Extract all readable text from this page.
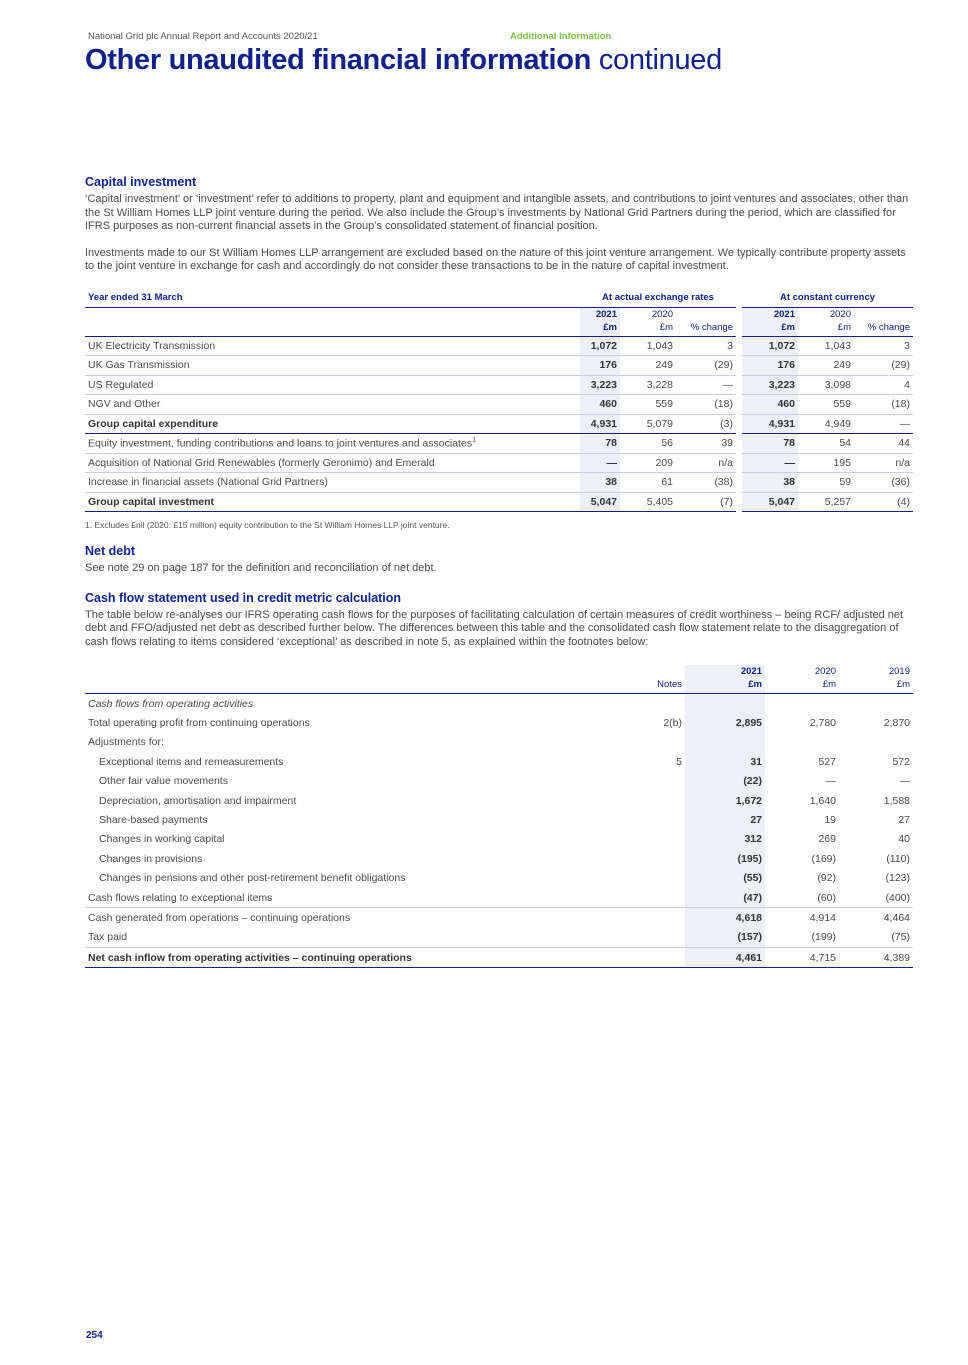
National Grid plc Annual Report and Accounts 2020/21	Additional Information
Other unaudited financial information continued
Capital investment

‘Capital investment’ or ‘investment’ refer to additions to property, plant and equipment and intangible assets, and contributions to joint ventures and associates, other than the St William Homes LLP joint venture during the period. We also include the Group’s investments by National Grid Partners during the period, which are classified for IFRS purposes as non-current financial assets in the Group’s consolidated statement of financial position.

Investments made to our St William Homes LLP arrangement are excluded based on the nature of this joint venture arrangement. We typically contribute property assets to the joint venture in exchange for cash and accordingly do not consider these transactions to be in the nature of capital investment.

Year ended 31 March	At actual exchange rates				At constant currency		
	2021	2020			2021	2020	
	£m	£m	% change		£m	£m	% change
UK Electricity Transmission	1,072	1,043	3		1,072	1,043	3
UK Gas Transmission	176	249	(29)		176	249	(29)
US Regulated	3,223	3,228	—		3,223	3,098	4
NGV and Other	460	559	(18)		460	559	(18)
Group capital expenditure	4,931	5,079	(3)		4,931	4,949	—
Equity investment, funding contributions and loans to joint ventures and associates$^1$	78	56	39		78	54	44
Acquisition of National Grid Renewables (formerly Geronimo) and Emerald	—	209	n/a		—	195	n/a
Increase in financial assets (National Grid Partners)	38	61	(38)		38	59	(36)
Group capital investment	5,047	5,405	(7)		5,047	5,257	(4)
1. Excludes £nil (2020: £15 million) equity contribution to the St William Homes LLP joint venture.
Net debt

See note 29 on page 187 for the definition and reconciliation of net debt.

Cash flow statement used in credit metric calculation

The table below re-analyses our IFRS operating cash flows for the purposes of facilitating calculation of certain measures of credit worthiness – being RCF/ adjusted net debt and FFO/adjusted net debt as described further below. The differences between this table and the consolidated cash flow statement relate to the disaggregation of cash flows relating to items considered ‘exceptional’ as described in note 5, as explained within the footnotes below:

		2021	2020	2019
	Notes	£m	£m	£m
Cash flows from operating activities				
Total operating profit from continuing operations	2(b)	2,895	2,780	2,870
Adjustments for:				
Exceptional items and remeasurements	5	31	527	572
Other fair value movements		(22)	—	—
Depreciation, amortisation and impairment		1,672	1,640	1,588
Share-based payments		27	19	27
Changes in working capital		312	269	40
Changes in provisions		(195)	(169)	(110)
Changes in pensions and other post-retirement benefit obligations		(55)	(92)	(123)
Cash flows relating to exceptional items		(47)	(60)	(400)
Cash generated from operations – continuing operations		4,618	4,914	4,464
Tax paid		(157)	(199)	(75)
Net cash inflow from operating activities – continuing operations		4,461	4,715	4,389
254
